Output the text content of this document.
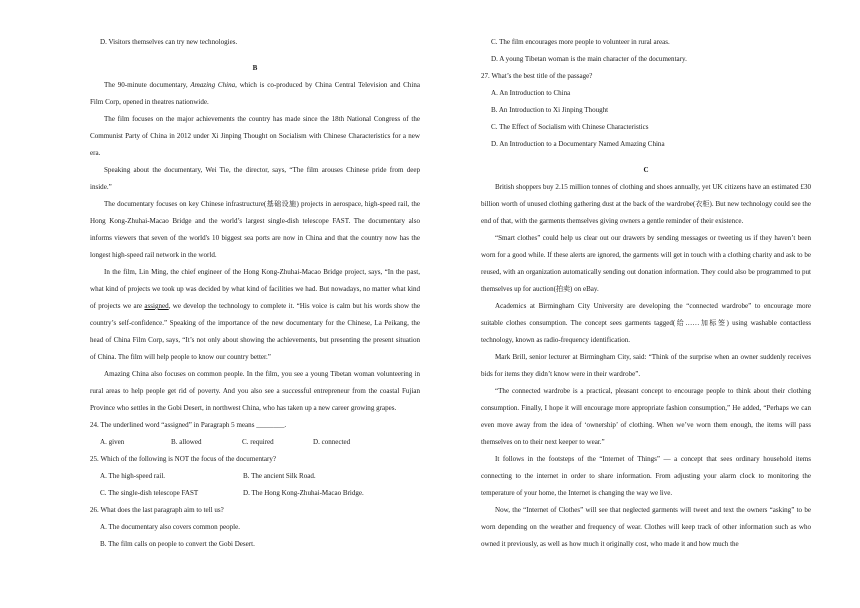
D. Visitors themselves can try new technologies.

B

The 90-minute documentary, Amazing China, which is co-produced by China Central Television and China Film Corp, opened in theatres nationwide.

The film focuses on the major achievements the country has made since the 18th National Congress of the Communist Party of China in 2012 under Xi Jinping Thought on Socialism with Chinese Characteristics for a new era.

Speaking about the documentary, Wei Tie, the director, says, “The film arouses Chinese pride from deep inside.”

The documentary focuses on key Chinese infrastructure(基础设施) projects in aerospace, high-speed rail, the Hong Kong-Zhuhai-Macao Bridge and the world’s largest single-dish telescope FAST. The documentary also informs viewers that seven of the world's 10 biggest sea ports are now in China and that the country now has the longest high-speed rail network in the world.

In the film, Lin Ming, the chief engineer of the Hong Kong-Zhuhai-Macao Bridge project, says, “In the past, what kind of projects we took up was decided by what kind of facilities we had. But nowadays, no matter what kind of projects we are assigned, we develop the technology to complete it. “His voice is calm but his words show the country’s self-confidence.” Speaking of the importance of the new documentary for the Chinese, La Peikang, the head of China Film Corp, says, “It’s not only about showing the achievements, but presenting the present situation of China. The film will help people to know our country better.”

Amazing China also focuses on common people. In the film, you see a young Tibetan woman volunteering in rural areas to help people get rid of poverty. And you also see a successful entrepreneur from the coastal Fujian Province who settles in the Gobi Desert, in northwest China, who has taken up a new career growing grapes.

24. The underlined word “assigned” in Paragraph 5 means ________.

A. given	B. allowed	C. required	D. connected

25. Which of the following is NOT the focus of the documentary?

A. The high-speed rail.	B. The ancient Silk Road.
C. The single-dish telescope FAST	D. The Hong Kong-Zhuhai-Macao Bridge.

26. What does the last paragraph aim to tell us?

A. The documentary also covers common people.

B. The film calls on people to convert the Gobi Desert.

C. The film encourages more people to volunteer in rural areas.

D. A young Tibetan woman is the main character of the documentary.

27. What’s the best title of the passage?

A. An Introduction to China

B. An Introduction to Xi Jinping Thought

C. The Effect of Socialism with Chinese Characteristics

D. An Introduction to a Documentary Named Amazing China

C

British shoppers buy 2.15 million tonnes of clothing and shoes annually, yet UK citizens have an estimated £30 billion worth of unused clothing gathering dust at the back of the wardrobe(衣柜). But new technology could see the end of that, with the garments themselves giving owners a gentle reminder of their existence.

“Smart clothes” could help us clear out our drawers by sending messages or tweeting us if they haven’t been worn for a good while. If these alerts are ignored, the garments will get in touch with a clothing charity and ask to be reused, with an organization automatically sending out donation information. They could also be programmed to put themselves up for auction(拍卖) on eBay.

Academics at Birmingham City University are developing the “connected wardrobe” to encourage more suitable clothes consumption. The concept sees garments tagged(给……加标签) using washable contactless technology, known as radio-frequency identification.

Mark Brill, senior lecturer at Birmingham City, said: “Think of the surprise when an owner suddenly receives bids for items they didn’t know were in their wardrobe”.

“The connected wardrobe is a practical, pleasant concept to encourage people to think about their clothing consumption. Finally, I hope it will encourage more appropriate fashion consumption,” He added, “Perhaps we can even move away from the idea of ‘ownership’ of clothing. When we’ve worn them enough, the items will pass themselves on to their next keeper to wear.”

It follows in the footsteps of the “Internet of Things” — a concept that sees ordinary household items connecting to the internet in order to share information. From adjusting your alarm clock to monitoring the temperature of your home, the Internet is changing the way we live.

Now, the “Internet of Clothes” will see that neglected garments will tweet and text the owners “asking” to be worn depending on the weather and frequency of wear. Clothes will keep track of other information such as who owned it previously, as well as how much it originally cost, who made it and how much the
